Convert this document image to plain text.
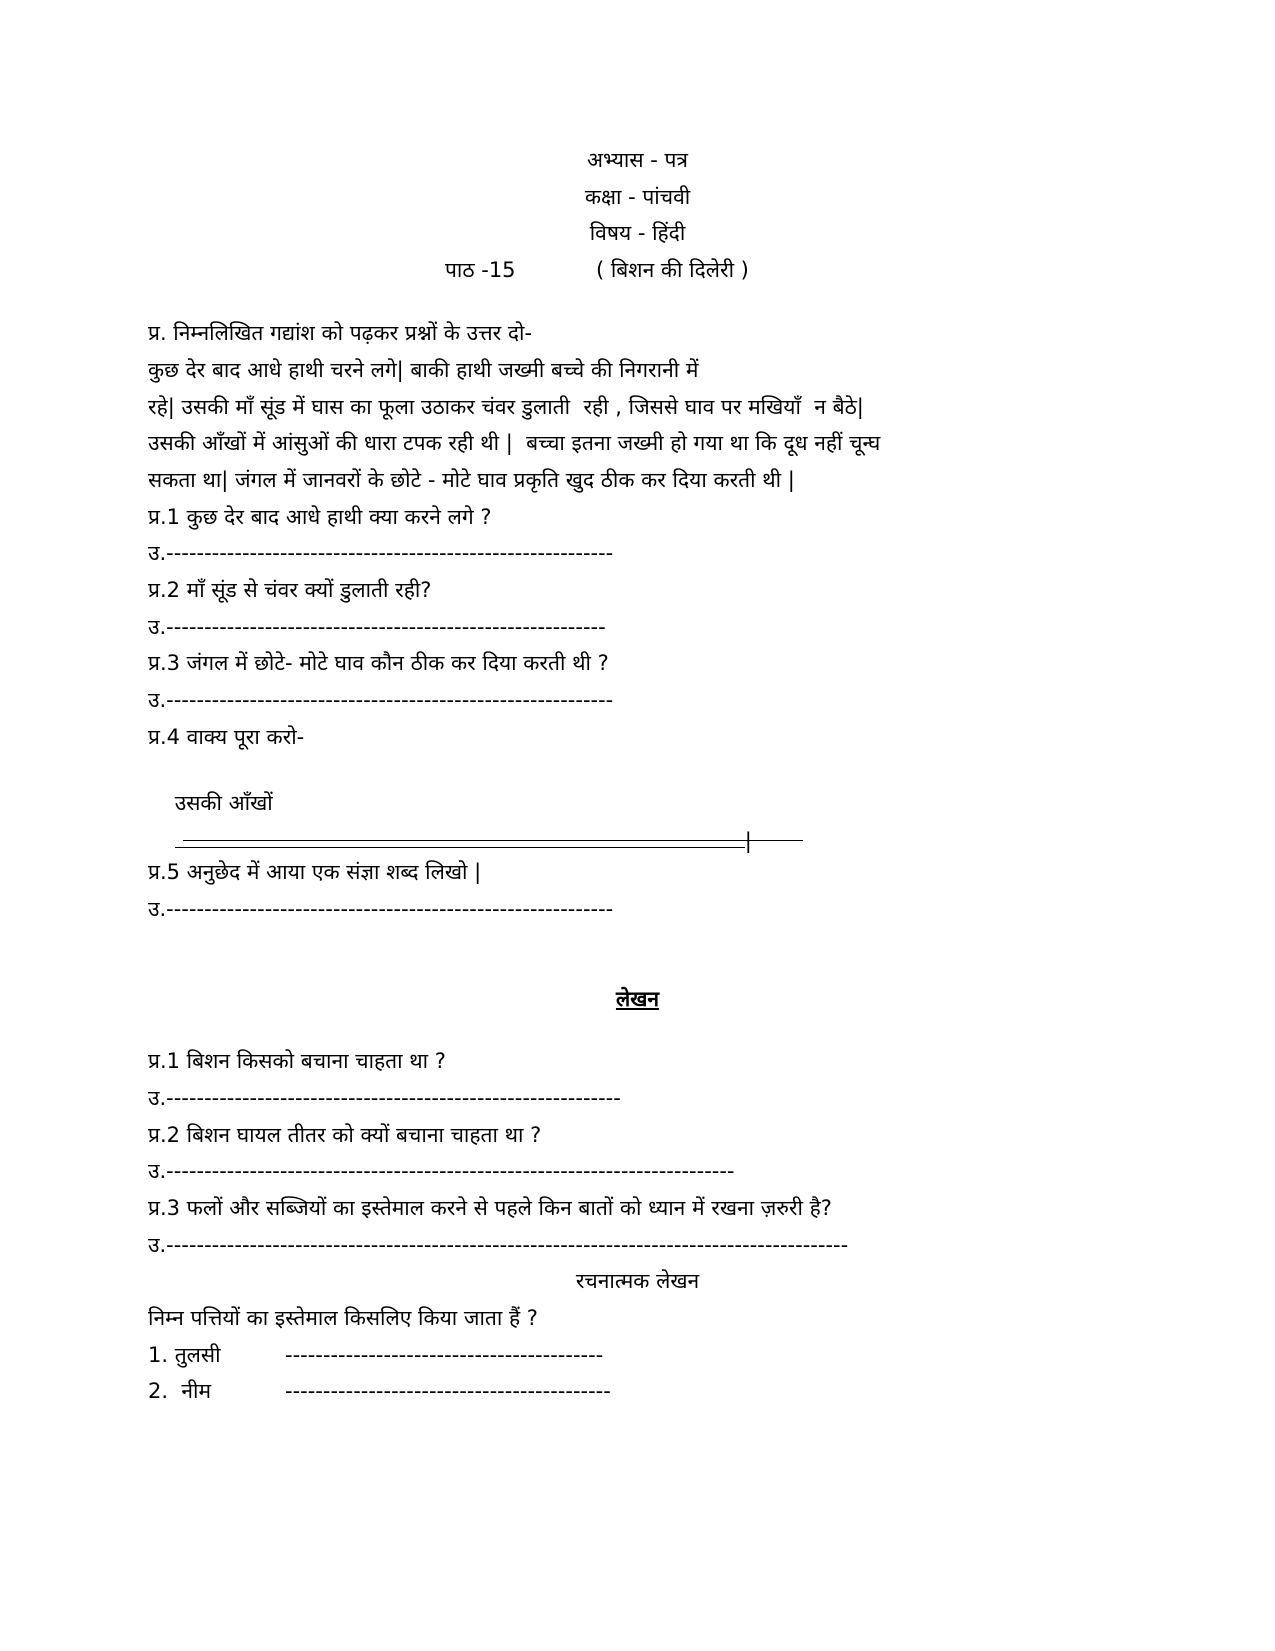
अभ्यास - पत्र
कक्षा - पांचवी
विषय - हिंदी
पाठ -15	( बिशन की दिलेरी )
प्र. निम्नलिखित गद्यांश को पढ़कर प्रश्नों के उत्तर दो-
कुछ देर बाद आधे हाथी चरने लगे| बाकी हाथी जख्मी बच्चे की निगरानी में
रहे| उसकी माँ सूंड में घास का फूला उठाकर चंवर डुलाती  रही , जिससे घाव पर मखियाँ  न बैठे|
उसकी आँखों में आंसुओं की धारा टपक रही थी |  बच्चा इतना जख्मी हो गया था कि दूध नहीं चून्घ
सकता था| जंगल में जानवरों के छोटे - मोटे घाव प्रकृति खुद ठीक कर दिया करती थी |
प्र.1 कुछ देर बाद आधे हाथी क्या करने लगे ?
उ.-----------------------------------------------------------
प्र.2 माँ सूंड से चंवर क्यों डुलाती रही?
उ.----------------------------------------------------------
प्र.3 जंगल में छोटे- मोटे घाव कौन ठीक कर दिया करती थी ?
उ.-----------------------------------------------------------
प्र.4 वाक्य पूरा करो-

उसकी आँखों

|

प्र.5 अनुछेद में आया एक संज्ञा शब्द लिखो |
उ.-----------------------------------------------------------
लेखन
प्र.1 बिशन किसको बचाना चाहता था ?
उ.------------------------------------------------------------
प्र.2 बिशन घायल तीतर को क्यों बचाना चाहता था ?
उ.---------------------------------------------------------------------------
प्र.3 फलों और सब्जियों का इस्तेमाल करने से पहले किन बातों को ध्यान में रखना ज़रुरी है?
उ.------------------------------------------------------------------------------------------
रचनात्मक लेखन
निम्न पत्तियों का इस्तेमाल किसलिए किया जाता हैं ?
1. तुलसी	------------------------------------------
2.  नीम	-------------------------------------------
